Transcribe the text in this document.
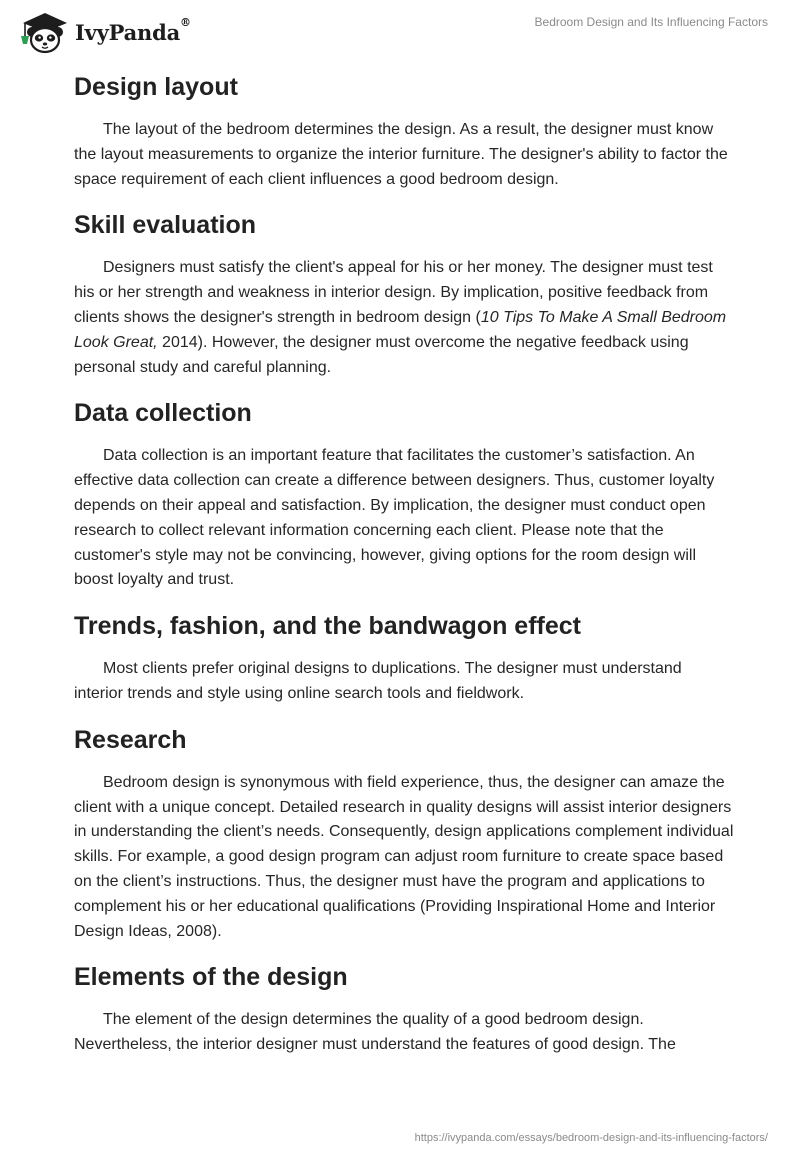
IvyPanda®	Bedroom Design and Its Influencing Factors
Design layout

The layout of the bedroom determines the design. As a result, the designer must know the layout measurements to organize the interior furniture. The designer's ability to factor the space requirement of each client influences a good bedroom design.

Skill evaluation

Designers must satisfy the client's appeal for his or her money. The designer must test his or her strength and weakness in interior design. By implication, positive feedback from clients shows the designer's strength in bedroom design (10 Tips To Make A Small Bedroom Look Great, 2014). However, the designer must overcome the negative feedback using personal study and careful planning.

Data collection

Data collection is an important feature that facilitates the customer’s satisfaction. An effective data collection can create a difference between designers. Thus, customer loyalty depends on their appeal and satisfaction. By implication, the designer must conduct open research to collect relevant information concerning each client. Please note that the customer's style may not be convincing, however, giving options for the room design will boost loyalty and trust.

Trends, fashion, and the bandwagon effect

Most clients prefer original designs to duplications. The designer must understand interior trends and style using online search tools and fieldwork.

Research

Bedroom design is synonymous with field experience, thus, the designer can amaze the client with a unique concept. Detailed research in quality designs will assist interior designers in understanding the client’s needs. Consequently, design applications complement individual skills. For example, a good design program can adjust room furniture to create space based on the client’s instructions. Thus, the designer must have the program and applications to complement his or her educational qualifications (Providing Inspirational Home and Interior Design Ideas, 2008).

Elements of the design

The element of the design determines the quality of a good bedroom design. Nevertheless, the interior designer must understand the features of good design. The

https://ivypanda.com/essays/bedroom-design-and-its-influencing-factors/
